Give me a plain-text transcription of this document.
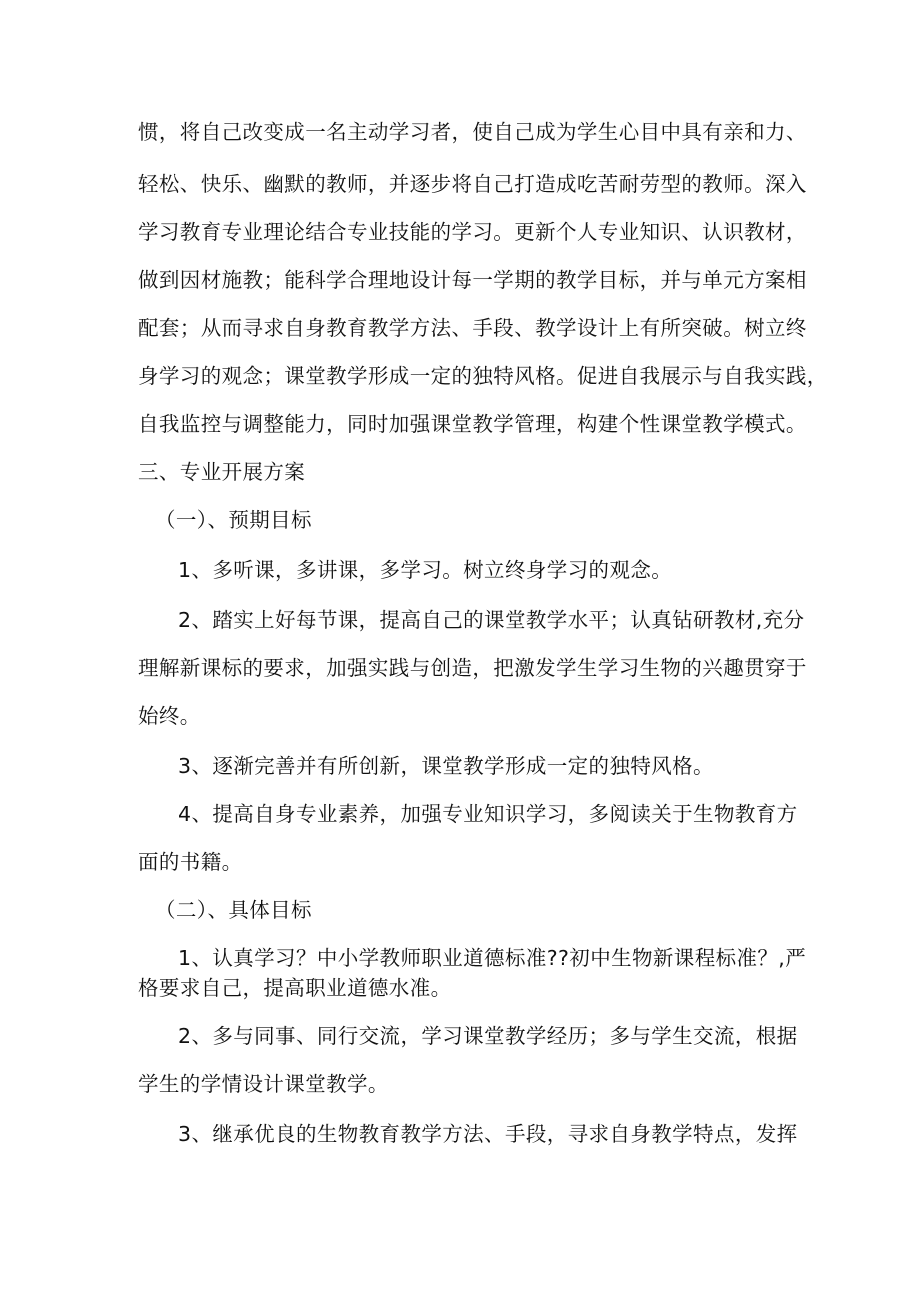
惯，将自己改变成一名主动学习者，使自己成为学生心目中具有亲和力、
轻松、快乐、幽默的教师，并逐步将自己打造成吃苦耐劳型的教师。深入
学习教育专业理论结合专业技能的学习。更新个人专业知识、认识教材，
做到因材施教；能科学合理地设计每一学期的教学目标，并与单元方案相
配套；从而寻求自身教育教学方法、手段、教学设计上有所突破。树立终
身学习的观念；课堂教学形成一定的独特风格。促进自我展示与自我实践，
自我监控与调整能力，同时加强课堂教学管理，构建个性课堂教学模式。
三、专业开展方案
（一）、预期目标
1、多听课，多讲课，多学习。树立终身学习的观念。
2、踏实上好每节课，提高自己的课堂教学水平；认真钻研教材,充分
理解新课标的要求，加强实践与创造，把激发学生学习生物的兴趣贯穿于
始终。
3、逐渐完善并有所创新，课堂教学形成一定的独特风格。
4、提高自身专业素养，加强专业知识学习，多阅读关于生物教育方
面的书籍。
（二）、具体目标
1、认真学习？中小学教师职业道德标准??初中生物新课程标准？,严
格要求自己，提高职业道德水准。
2、多与同事、同行交流，学习课堂教学经历；多与学生交流，根据
学生的学情设计课堂教学。
3、继承优良的生物教育教学方法、手段，寻求自身教学特点，发挥
